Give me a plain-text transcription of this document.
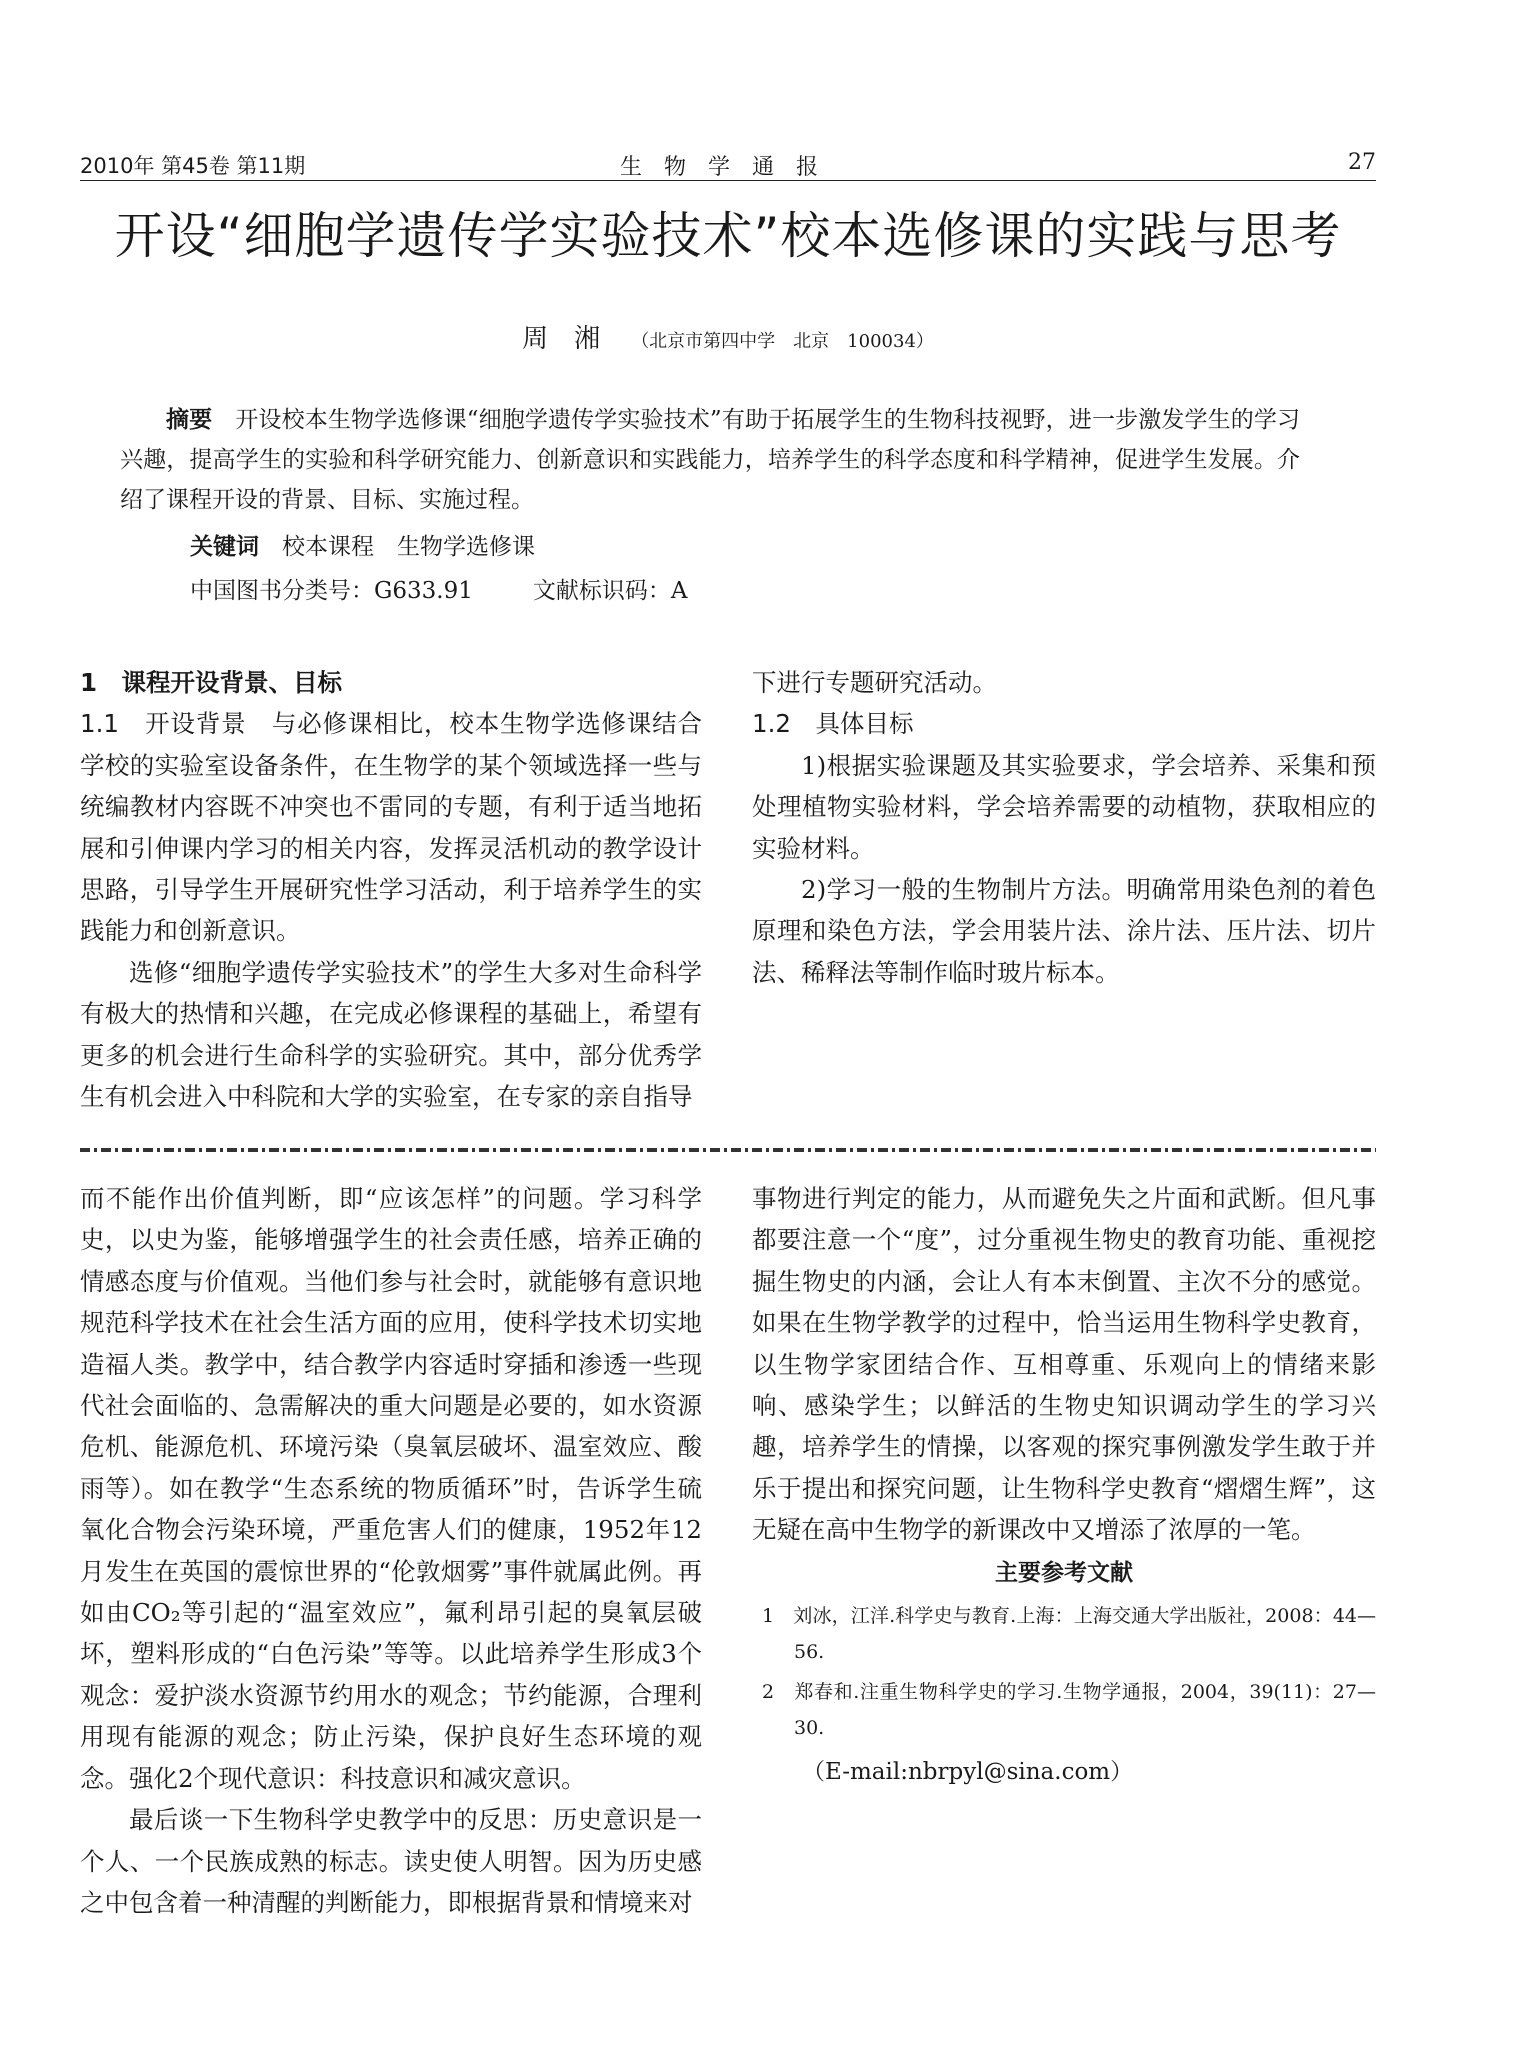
2010年 第45卷 第11期	生物学通报	27
开设“细胞学遗传学实验技术”校本选修课的实践与思考
周湘 （北京市第四中学　北京　100034）

摘要　 开设校本生物学选修课“细胞学遗传学实验技术”有助于拓展学生的生物科技视野，进一步激发学生的学习兴趣，提高学生的实验和科学研究能力、创新意识和实践能力，培养学生的科学态度和科学精神，促进学生发展。介绍了课程开设的背景、目标、实施过程。

关键词　 校本课程　生物学选修课
中国图书分类号：G633.91	文献标识码：A

1　课程开设背景、目标

1.1　开设背景　 与必修课相比，校本生物学选修课结合学校的实验室设备条件，在生物学的某个领域选择一些与统编教材内容既不冲突也不雷同的专题，有利于适当地拓展和引伸课内学习的相关内容，发挥灵活机动的教学设计思路，引导学生开展研究性学习活动，利于培养学生的实践能力和创新意识。

选修“细胞学遗传学实验技术”的学生大多对生命科学有极大的热情和兴趣，在完成必修课程的基础上，希望有更多的机会进行生命科学的实验研究。其中，部分优秀学生有机会进入中科院和大学的实验室，在专家的亲自指导

下进行专题研究活动。

1.2　具体目标

1)根据实验课题及其实验要求，学会培养、采集和预处理植物实验材料，学会培养需要的动植物，获取相应的实验材料。

2)学习一般的生物制片方法。明确常用染色剂的着色原理和染色方法，学会用装片法、涂片法、压片法、切片法、稀释法等制作临时玻片标本。

而不能作出价值判断，即“应该怎样”的问题。学习科学史，以史为鉴，能够增强学生的社会责任感，培养正确的情感态度与价值观。当他们参与社会时，就能够有意识地规范科学技术在社会生活方面的应用，使科学技术切实地造福人类。教学中，结合教学内容适时穿插和渗透一些现代社会面临的、急需解决的重大问题是必要的，如水资源危机、能源危机、环境污染（臭氧层破坏、温室效应、酸雨等）。如在教学“生态系统的物质循环”时，告诉学生硫氧化合物会污染环境，严重危害人们的健康，1952年12月发生在英国的震惊世界的“伦敦烟雾”事件就属此例。再如由CO₂等引起的“温室效应”，氟利昂引起的臭氧层破坏，塑料形成的“白色污染”等等。以此培养学生形成3个观念：爱护淡水资源节约用水的观念；节约能源，合理利用现有能源的观念；防止污染，保护良好生态环境的观念。强化2个现代意识：科技意识和减灾意识。

最后谈一下生物科学史教学中的反思：历史意识是一个人、一个民族成熟的标志。读史使人明智。因为历史感之中包含着一种清醒的判断能力，即根据背景和情境来对

事物进行判定的能力，从而避免失之片面和武断。但凡事都要注意一个“度”，过分重视生物史的教育功能、重视挖掘生物史的内涵，会让人有本末倒置、主次不分的感觉。如果在生物学教学的过程中，恰当运用生物科学史教育，以生物学家团结合作、互相尊重、乐观向上的情绪来影响、感染学生；以鲜活的生物史知识调动学生的学习兴趣，培养学生的情操，以客观的探究事例激发学生敢于并乐于提出和探究问题，让生物科学史教育“熠熠生辉”，这无疑在高中生物学的新课改中又增添了浓厚的一笔。

主要参考文献
1　刘冰，江洋.科学史与教育.上海：上海交通大学出版社，2008：44—56.
2　郑春和.注重生物科学史的学习.生物学通报，2004，39(11)：27—30.
（E-mail:nbrpyl@sina.com）
